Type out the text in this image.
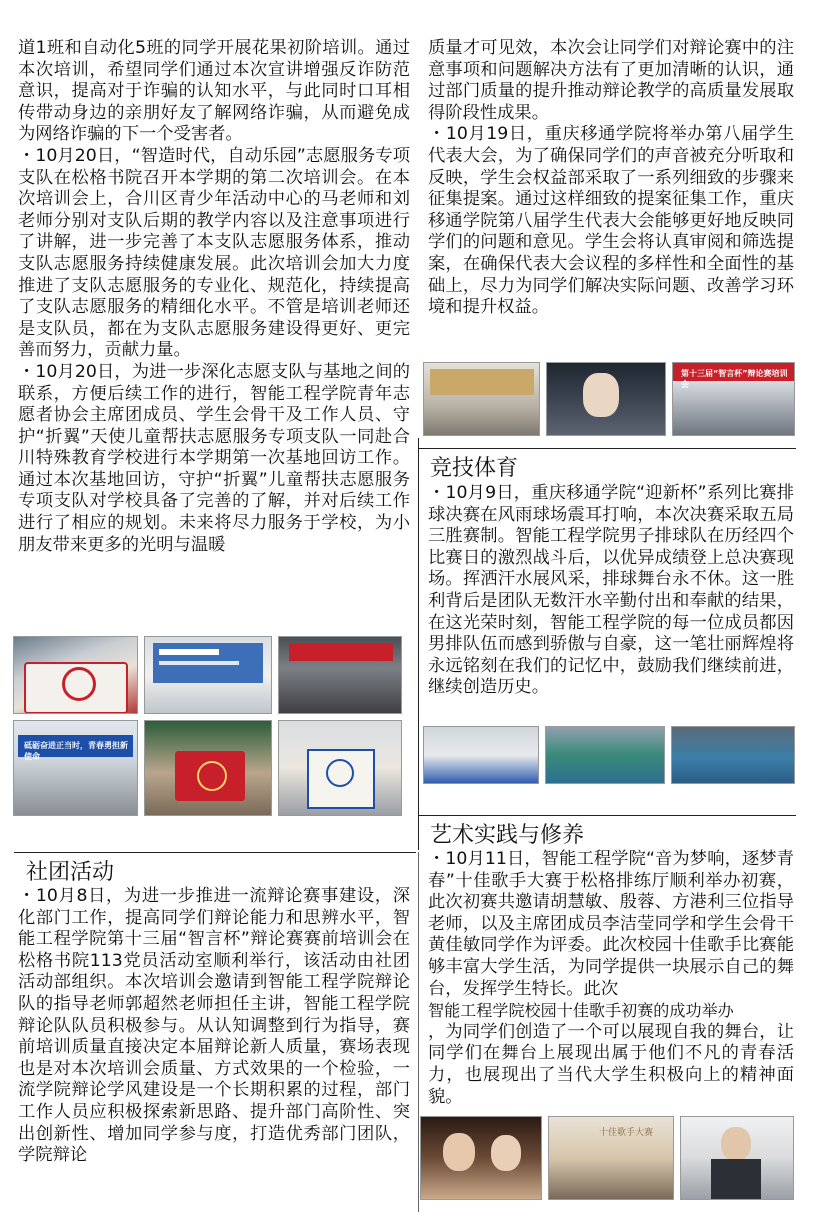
道1班和自动化5班的同学开展花果初阶培训。通过本次培训，希望同学们通过本次宣讲增强反诈防范意识，提高对于诈骗的认知水平，与此同时口耳相传带动身边的亲朋好友了解网络诈骗，从而避免成为网络诈骗的下一个受害者。

・10月20日，“智造时代，自动乐园”志愿服务专项支队在松格书院召开本学期的第二次培训会。在本次培训会上，合川区青少年活动中心的马老师和刘老师分别对支队后期的教学内容以及注意事项进行了讲解，进一步完善了本支队志愿服务体系，推动支队志愿服务持续健康发展。此次培训会加大力度推进了支队志愿服务的专业化、规范化，持续提高了支队志愿服务的精细化水平。不管是培训老师还是支队员，都在为支队志愿服务建设得更好、更完善而努力，贡献力量。

・10月20日，为进一步深化志愿支队与基地之间的联系，方便后续工作的进行，智能工程学院青年志愿者协会主席团成员、学生会骨干及工作人员、守护“折翼”天使儿童帮扶志愿服务专项支队一同赴合川特殊教育学校进行本学期第一次基地回访工作。通过本次基地回访，守护“折翼”儿童帮扶志愿服务专项支队对学校具备了完善的了解，并对后续工作进行了相应的规划。未来将尽力服务于学校，为小朋友带来更多的光明与温暖

砥砺奋进正当时，青春勇担新使命
社团活动

・10月8日，为进一步推进一流辩论赛事建设，深化部门工作，提高同学们辩论能力和思辨水平，智能工程学院第十三届“智言杯”辩论赛赛前培训会在松格书院113党员活动室顺利举行，该活动由社团活动部组织。本次培训会邀请到智能工程学院辩论队的指导老师郭超然老师担任主讲，智能工程学院辩论队队员积极参与。从认知调整到行为指导，赛前培训质量直接决定本届辩论新人质量，赛场表现也是对本次培训会质量、方式效果的一个检验，一流学院辩论学风建设是一个长期积累的过程，部门工作人员应积极探索新思路、提升部门高阶性、突出创新性、增加同学参与度，打造优秀部门团队，学院辩论

质量才可见效，本次会让同学们对辩论赛中的注意事项和问题解决方法有了更加清晰的认识，通过部门质量的提升推动辩论教学的高质量发展取得阶段性成果。

・10月19日，重庆移通学院将举办第八届学生代表大会，为了确保同学们的声音被充分听取和反映，学生会权益部采取了一系列细致的步骤来征集提案。通过这样细致的提案征集工作，重庆移通学院第八届学生代表大会能够更好地反映同学们的问题和意见。学生会将认真审阅和筛选提案，在确保代表大会议程的多样性和全面性的基础上，尽力为同学们解决实际问题、改善学习环境和提升权益。

第十三届“智言杯”辩论赛培训会
竞技体育

・10月9日，重庆移通学院“迎新杯”系列比赛排球决赛在风雨球场震耳打响，本次决赛采取五局三胜赛制。智能工程学院男子排球队在历经四个比赛日的激烈战斗后，以优异成绩登上总决赛现场。挥洒汗水展风采，排球舞台永不休。这一胜利背后是团队无数汗水辛勤付出和奉献的结果，在这光荣时刻，智能工程学院的每一位成员都因男排队伍而感到骄傲与自豪，这一笔壮丽辉煌将永远铭刻在我们的记忆中，鼓励我们继续前进，继续创造历史。

艺术实践与修养

・10月11日，智能工程学院“音为梦响，逐梦青春”十佳歌手大赛于松格排练厅顺利举办初赛，此次初赛共邀请胡慧敏、殷蓉、方港利三位指导老师，以及主席团成员李洁莹同学和学生会骨干黄佳敏同学作为评委。此次校园十佳歌手比赛能够丰富大学生活，为同学提供一块展示自己的舞台，发挥学生特长。此次

智能工程学院校园十佳歌手初赛的成功举办

，为同学们创造了一个可以展现自我的舞台，让同学们在舞台上展现出属于他们不凡的青春活力，也展现出了当代大学生积极向上的精神面貌。

十佳歌手大赛
